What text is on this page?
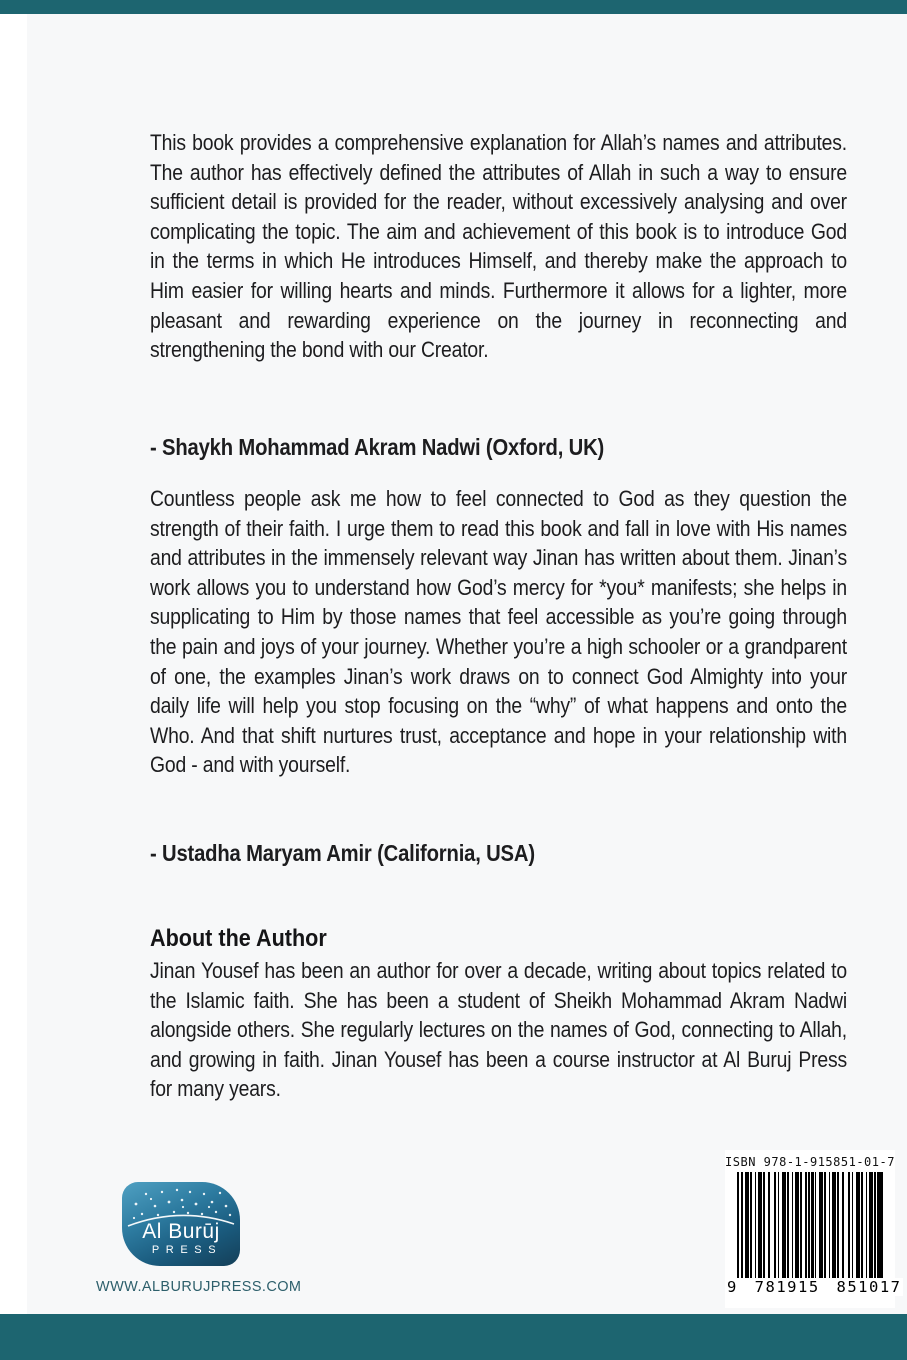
This book provides a comprehensive explanation for Allah’s names and attributes. The author has effectively defined the attributes of Allah in such a way to ensure sufficient detail is provided for the reader, without excessively analysing and over complicating the topic. The aim and achievement of this book is to introduce God in the terms in which He introduces Himself, and thereby make the approach to Him easier for willing hearts and minds. Furthermore it allows for a lighter, more pleasant and rewarding experience on the journey in reconnecting and strengthening the bond with our Creator.

- Shaykh Mohammad Akram Nadwi (Oxford, UK)

Countless people ask me how to feel connected to God as they question the strength of their faith. I urge them to read this book and fall in love with His names and attributes in the immensely relevant way Jinan has written about them. Jinan’s work allows you to understand how God’s mercy for *you* manifests; she helps in supplicating to Him by those names that feel accessible as you’re going through the pain and joys of your journey. Whether you’re a high schooler or a grandparent of one, the examples Jinan’s work draws on to connect God Almighty into your daily life will help you stop focusing on the “why” of what happens and onto the Who. And that shift nurtures trust, acceptance and hope in your relationship with God - and with yourself.

- Ustadha Maryam Amir (California, USA)

About the Author

Jinan Yousef has been an author for over a decade, writing about topics related to the Islamic faith. She has been a student of Sheikh Mohammad Akram Nadwi alongside others. She regularly lectures on the names of God, connecting to Allah, and growing in faith. Jinan Yousef has been a course instructor at Al Buruj Press for many years.

Al Burūj
PRESS
WWW.ALBURUJPRESS.COM
ISBN 978-1-915851-01-7
9 781915 851017
